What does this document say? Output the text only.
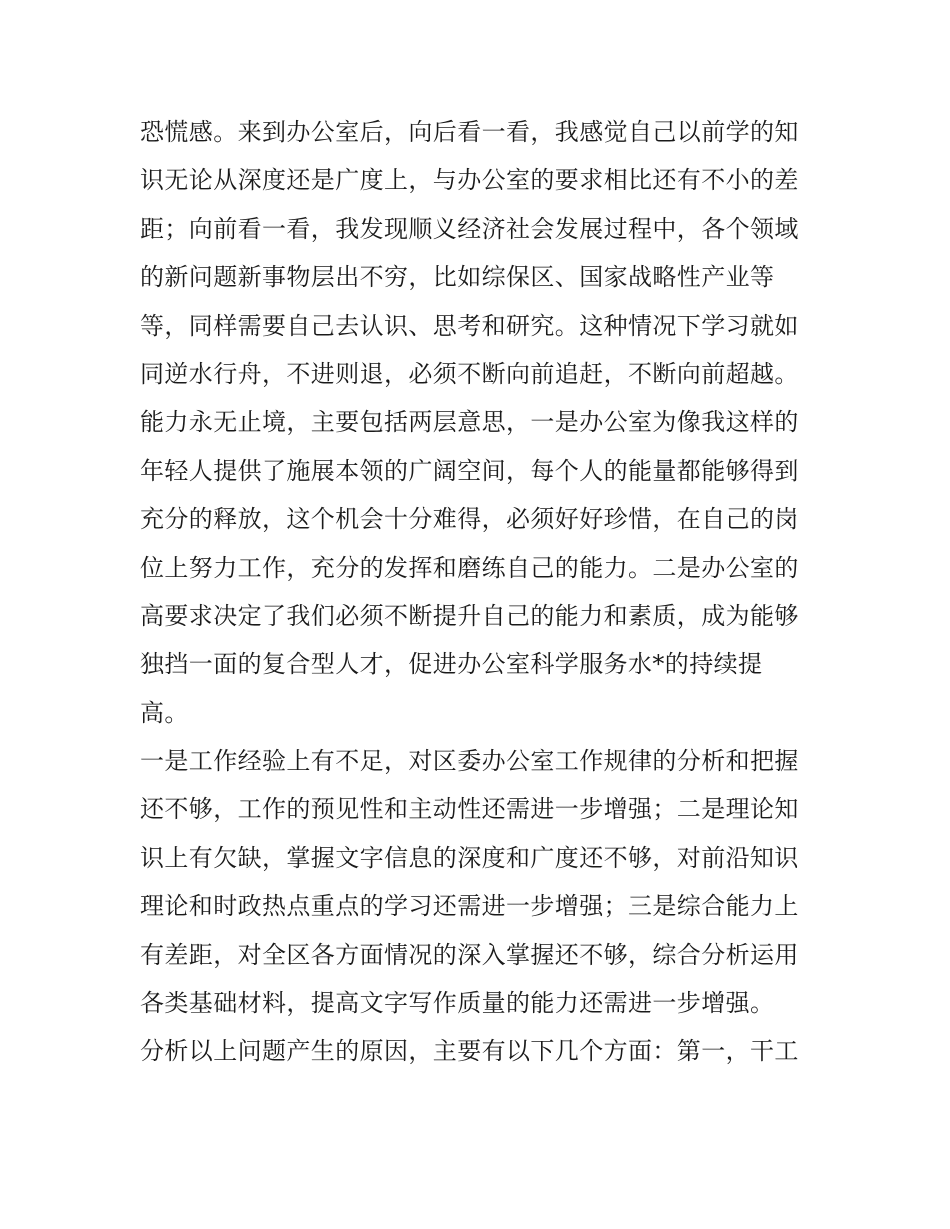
恐慌感。来到办公室后，向后看一看，我感觉自己以前学的知
识无论从深度还是广度上，与办公室的要求相比还有不小的差
距；向前看一看，我发现顺义经济社会发展过程中，各个领域
的新问题新事物层出不穷，比如综保区、国家战略性产业等
等，同样需要自己去认识、思考和研究。这种情况下学习就如
同逆水行舟，不进则退，必须不断向前追赶，不断向前超越。
能力永无止境，主要包括两层意思，一是办公室为像我这样的
年轻人提供了施展本领的广阔空间，每个人的能量都能够得到
充分的释放，这个机会十分难得，必须好好珍惜，在自己的岗
位上努力工作，充分的发挥和磨练自己的能力。二是办公室的
高要求决定了我们必须不断提升自己的能力和素质，成为能够
独挡一面的复合型人才，促进办公室科学服务水*的持续提
高。
一是工作经验上有不足，对区委办公室工作规律的分析和把握
还不够，工作的预见性和主动性还需进一步增强；二是理论知
识上有欠缺，掌握文字信息的深度和广度还不够，对前沿知识
理论和时政热点重点的学习还需进一步增强；三是综合能力上
有差距，对全区各方面情况的深入掌握还不够，综合分析运用
各类基础材料，提高文字写作质量的能力还需进一步增强。
分析以上问题产生的原因，主要有以下几个方面：第一，干工
